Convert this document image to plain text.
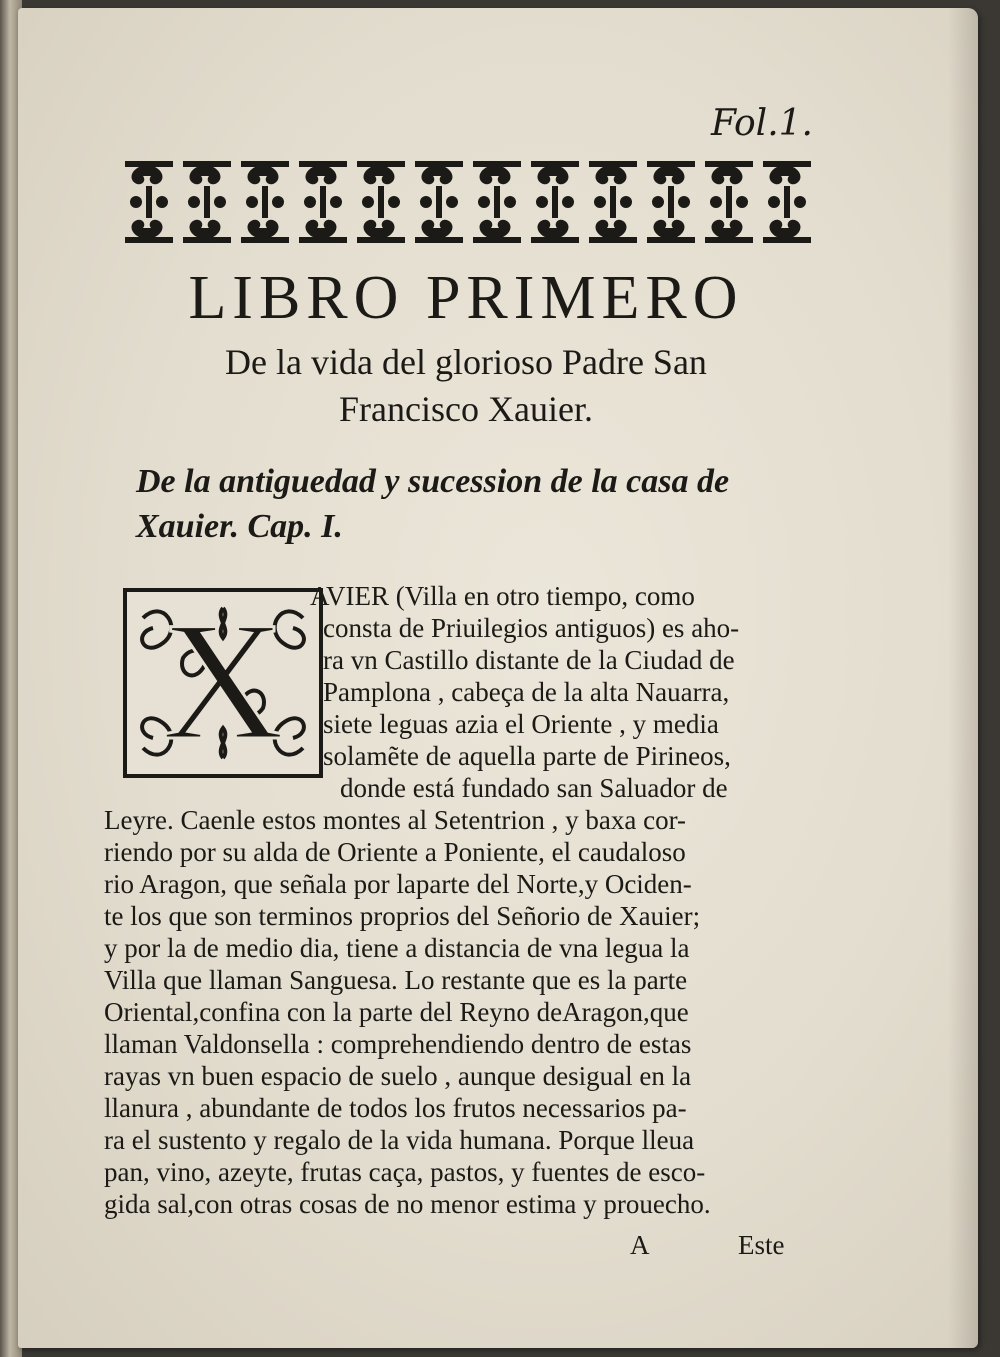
Fol.1.
LIBRO PRIMERO
De la vida del glorioso Padre San
Francisco Xauier.
De la antiguedad y sucession de la casa de
Xauier. Cap. I.
X AVIER (Villa en otro tiempo, como
consta de Priuilegios antiguos) es aho-
ra vn Castillo distante de la Ciudad de
Pamplona , cabeça de la alta Nauarra,
siete leguas azia el Oriente , y media
solamẽte de aquella parte de Pirineos,
donde está fundado san Saluador de
Leyre. Caenle estos montes al Setentrion , y baxa cor-
riendo por su alda de Oriente a Poniente, el caudaloso
rio Aragon, que señala por laparte del Norte,y Ociden-
te los que son terminos proprios del Señorio de Xauier;
y por la de medio dia, tiene a distancia de vna legua la
Villa que llaman Sanguesa. Lo restante que es la parte
Oriental,confina con la parte del Reyno deAragon,que
llaman Valdonsella : comprehendiendo dentro de estas
rayas vn buen espacio de suelo , aunque desigual en la
llanura , abundante de todos los frutos necessarios pa-
ra el sustento y regalo de la vida humana. Porque lleua
pan, vino, azeyte, frutas caça, pastos, y fuentes de esco-
gida sal,con otras cosas de no menor estima y prouecho.
A	Este
